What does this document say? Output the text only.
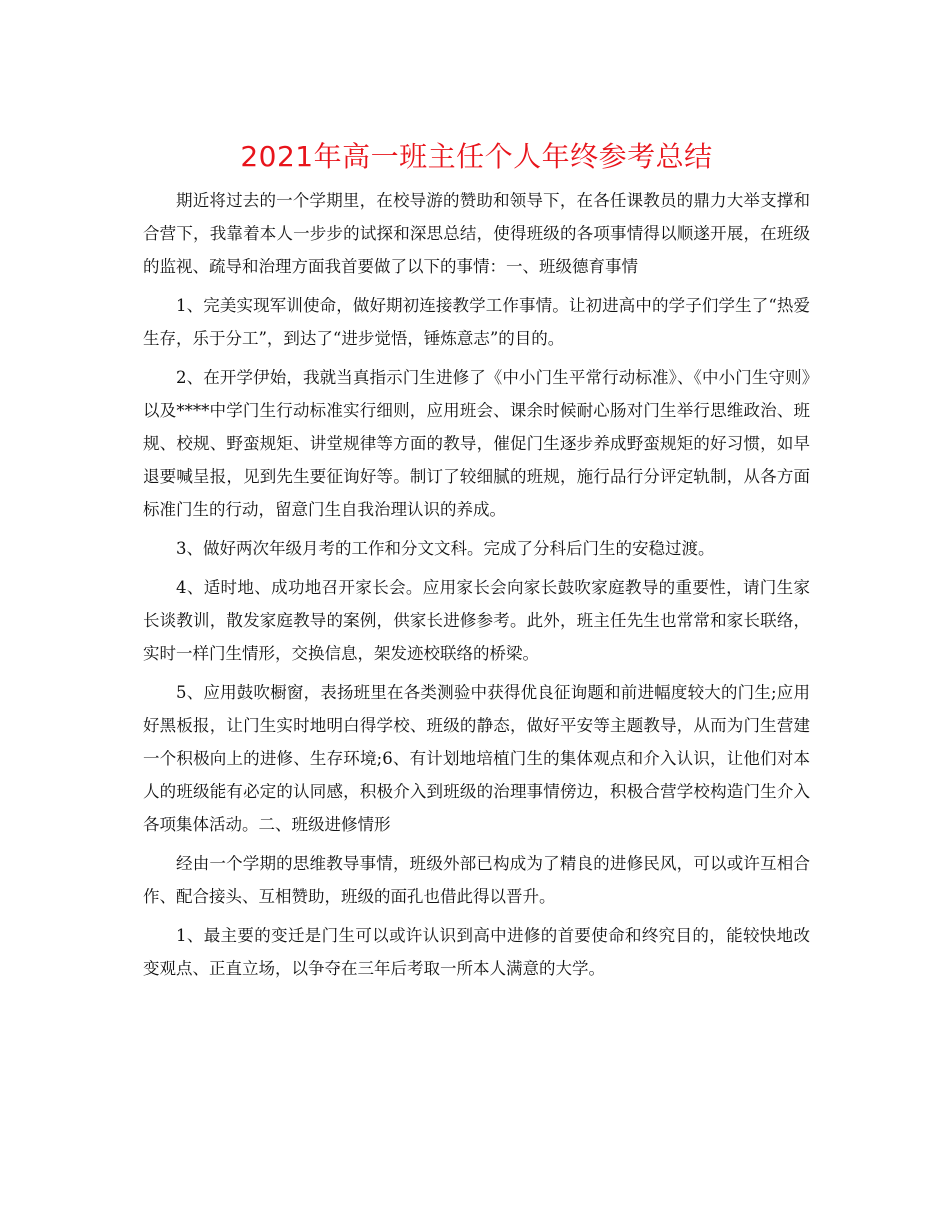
2021年高一班主任个人年终参考总结

期近将过去的一个学期里，在校导游的赞助和领导下，在各任课教员的鼎力大举支撑和合营下，我靠着本人一步步的试探和深思总结，使得班级的各项事情得以顺遂开展，在班级的监视、疏导和治理方面我首要做了以下的事情：一、班级德育事情

1、完美实现军训使命，做好期初连接教学工作事情。让初进高中的学子们学生了“热爱生存，乐于分工”，到达了“进步觉悟，锤炼意志”的目的。

2、在开学伊始，我就当真指示门生进修了《中小门生平常行动标准》、《中小门生守则》以及****中学门生行动标准实行细则，应用班会、课余时候耐心肠对门生举行思维政治、班规、校规、野蛮规矩、讲堂规律等方面的教导，催促门生逐步养成野蛮规矩的好习惯，如早退要喊呈报，见到先生要征询好等。制订了较细腻的班规，施行品行分评定轨制，从各方面标准门生的行动，留意门生自我治理认识的养成。

3、做好两次年级月考的工作和分文文科。完成了分科后门生的安稳过渡。

4、适时地、成功地召开家长会。应用家长会向家长鼓吹家庭教导的重要性，请门生家长谈教训，散发家庭教导的案例，供家长进修参考。此外，班主任先生也常常和家长联络，实时一样门生情形，交换信息，架发迹校联络的桥梁。

5、应用鼓吹橱窗，表扬班里在各类测验中获得优良征询题和前进幅度较大的门生;应用好黑板报，让门生实时地明白得学校、班级的静态，做好平安等主题教导，从而为门生营建一个积极向上的进修、生存环境;6、有计划地培植门生的集体观点和介入认识，让他们对本人的班级能有必定的认同感，积极介入到班级的治理事情傍边，积极合营学校构造门生介入各项集体活动。二、班级进修情形

经由一个学期的思维教导事情，班级外部已构成为了精良的进修民风，可以或许互相合作、配合接头、互相赞助，班级的面孔也借此得以晋升。

1、最主要的变迁是门生可以或许认识到高中进修的首要使命和终究目的，能较快地改变观点、正直立场，以争夺在三年后考取一所本人满意的大学。
